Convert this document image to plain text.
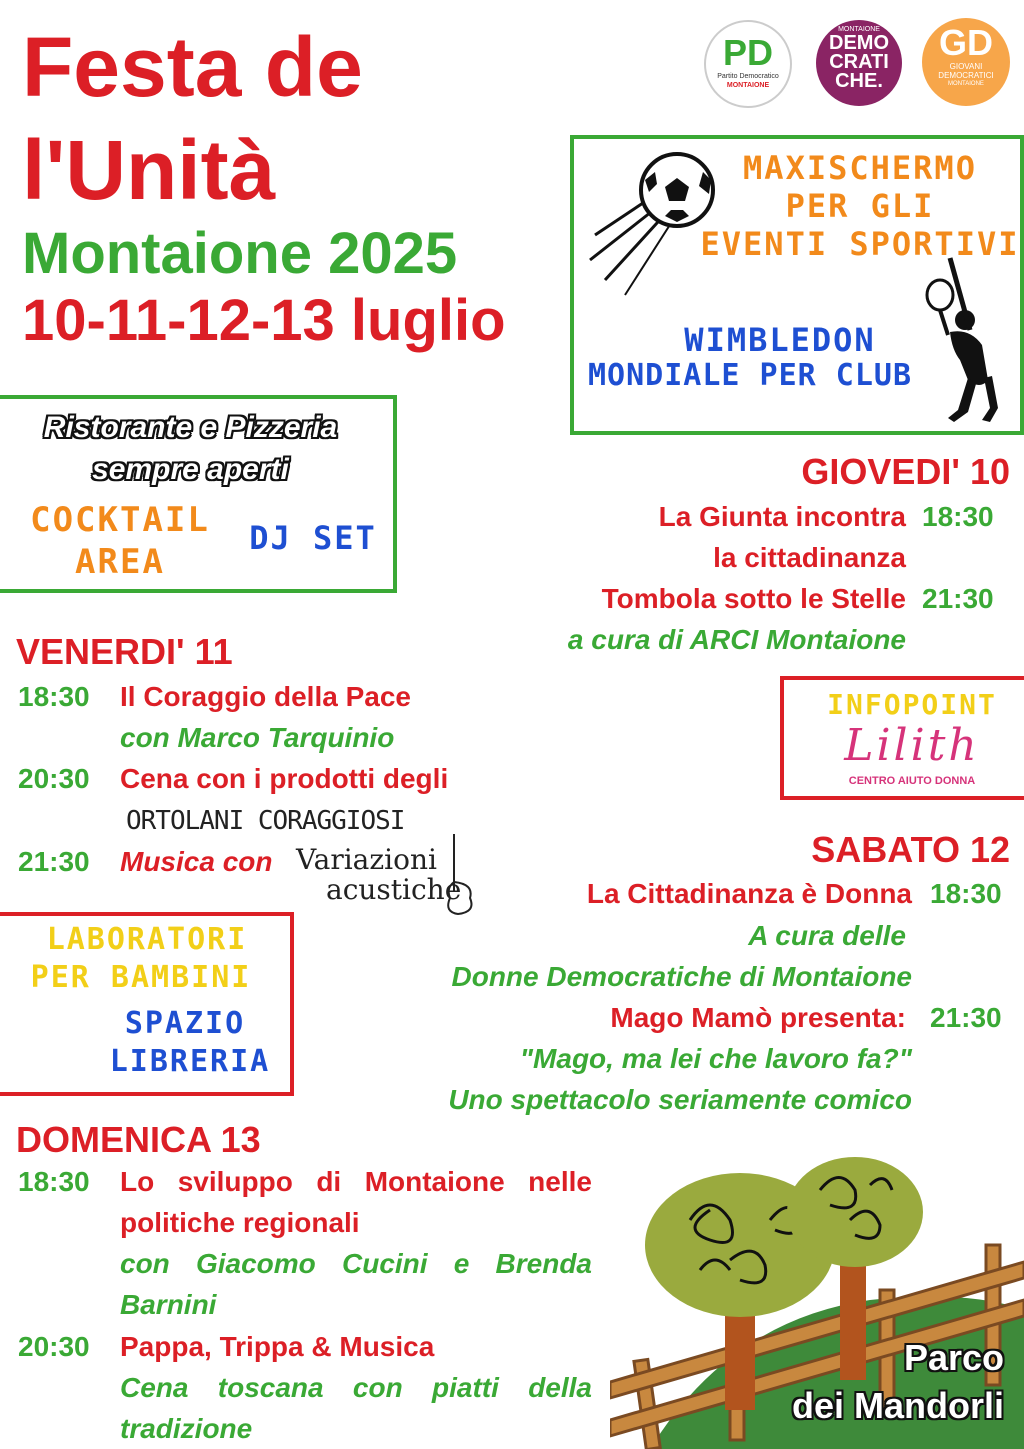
Festa de
l'Unità
Montaione 2025
10-11-12-13 luglio
PD
Partito Democratico
MONTAIONE
MONTAIONE
DEMO
CRATI
CHE.
GD
GIOVANI
DEMOCRATICI
MONTAIONE
MAXISCHERMO
PER GLI
EVENTI SPORTIVI
WIMBLEDON
MONDIALE PER CLUB
Ristorante e Pizzeria
sempre aperti
COCKTAIL
AREA
DJ SET
GIOVEDI' 10
La Giunta incontra 18:30
la cittadinanza
Tombola sotto le Stelle 21:30
a cura di ARCI Montaione
VENERDI' 11
18:30 Il Coraggio della Pace
con Marco Tarquinio
20:30 Cena con i prodotti degli
ORTOLANI CORAGGIOSI
21:30 Musica con Variazioni
acustiche
INFOPOINT
Lilith
CENTRO AIUTO DONNA
SABATO 12
La Cittadinanza è Donna 18:30
A cura delle
Donne Democratiche di Montaione
Mago Mamò presenta: 21:30
"Mago, ma lei che lavoro fa?"
Uno spettacolo seriamente comico
LABORATORI
PER BAMBINI
SPAZIO
LIBRERIA
DOMENICA 13
18:30 Lo sviluppo di Montaione nelle
politiche regionali
con Giacomo Cucini e Brenda
Barnini
20:30 Pappa, Trippa & Musica
Cena toscana con piatti della
tradizione
Parco
dei Mandorli
